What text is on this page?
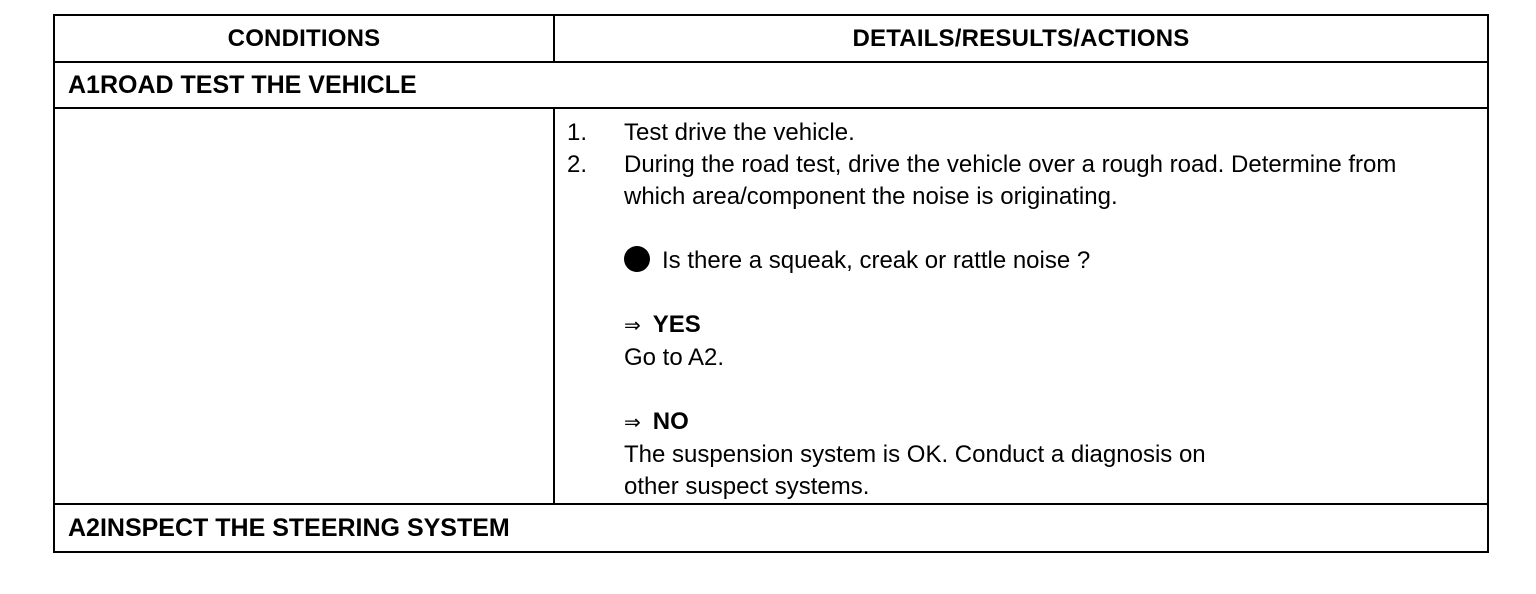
CONDITIONS	DETAILS/RESULTS/ACTIONS
A1ROAD TEST THE VEHICLE
1.	Test drive the vehicle.
2.	During the road test, drive the vehicle over a rough road. Determine from which area/component the noise is originating.
Is there a squeak, creak or rattle noise ?
⇒ YES
Go to A2.
⇒ NO
The suspension system is OK. Conduct a diagnosis on
other suspect systems.
A2INSPECT THE STEERING SYSTEM
